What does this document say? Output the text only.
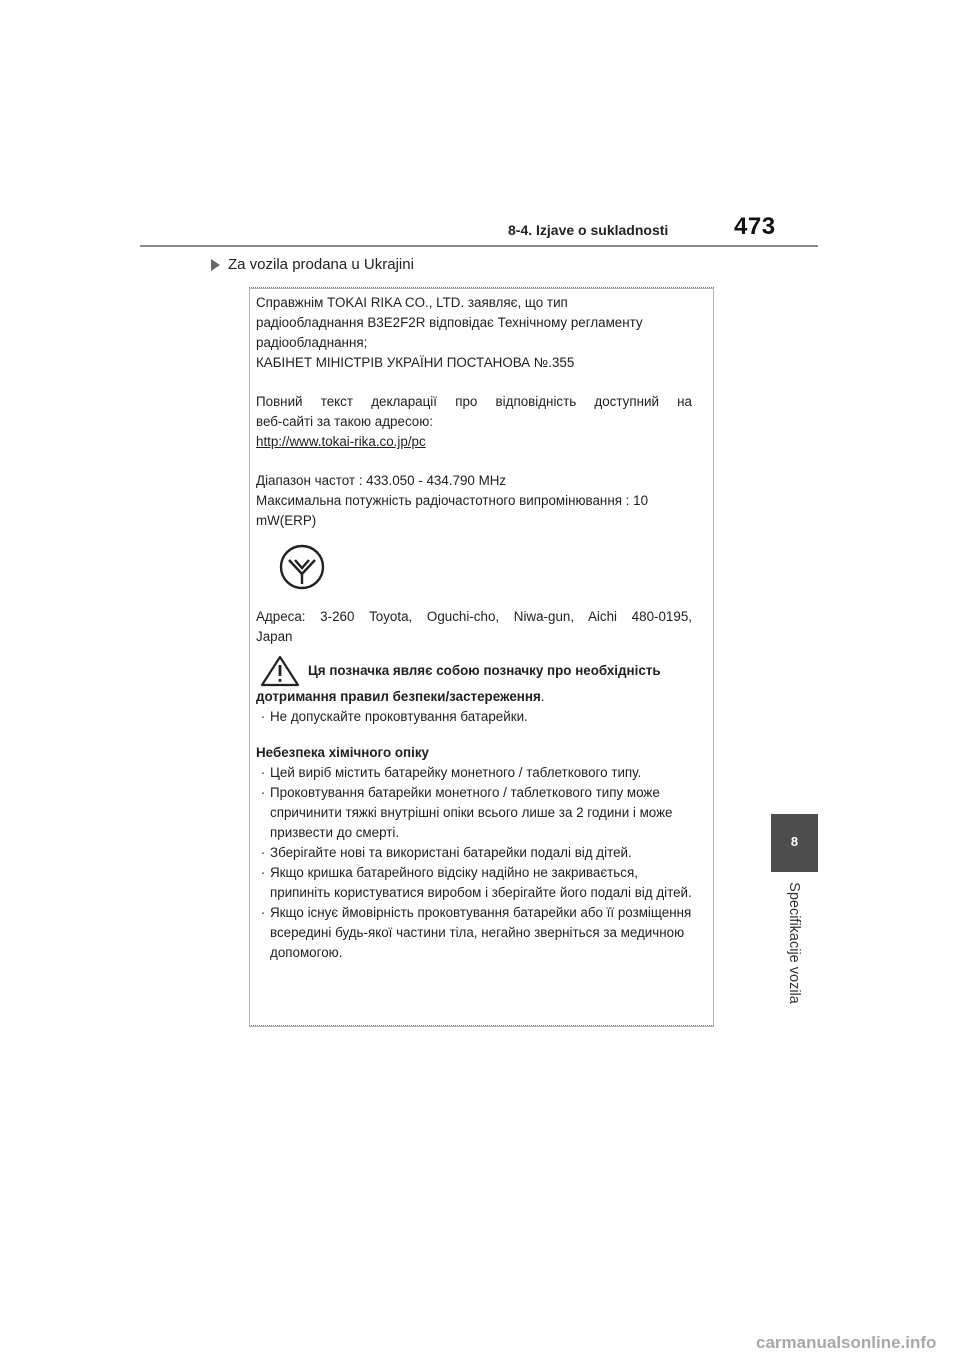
8-4. Izjave o sukladnosti	473
Za vozila prodana u Ukrajini

Справжнім TOKAI RIKA CO., LTD. заявляє, що тип

радіообладнання B3E2F2R відповідає Технічному регламенту

радіообладнання;

КАБІНЕТ МІНІСТРІВ УКРАЇНИ ПОСТАНОВА №.355

Повний текст декларації про відповідність доступний на

веб-сайті за такою адресою:

http://www.tokai-rika.co.jp/pc

Діапазон частот : 433.050 - 434.790 MHz

Максимальна потужність радіочастотного випромінювання : 10

mW(ERP)

Адреса: 3-260 Toyota, Oguchi-cho, Niwa-gun, Aichi 480-0195,

Japan

Ця позначка являє собою позначку про необхідність

дотримання правил безпеки/застереження.

· Не допускайте проковтування батарейки.

Небезпека хімічного опіку

· Цей виріб містить батарейку монетного / таблеткового типу.

· Проковтування батарейки монетного / таблеткового типу може спричинити тяжкі внутрішні опіки всього лише за 2 години і може призвести до смерті.

· Зберігайте нові та використані батарейки подалі від дітей.

· Якщо кришка батарейного відсіку надійно не закривається, припиніть користуватися виробом і зберігайте його подалі від дітей.

· Якщо існує ймовірність проковтування батарейки або її розміщення всередині будь-якої частини тіла, негайно зверніться за медичною допомогою.

8
Specifikacije vozila
carmanualsonline.info
